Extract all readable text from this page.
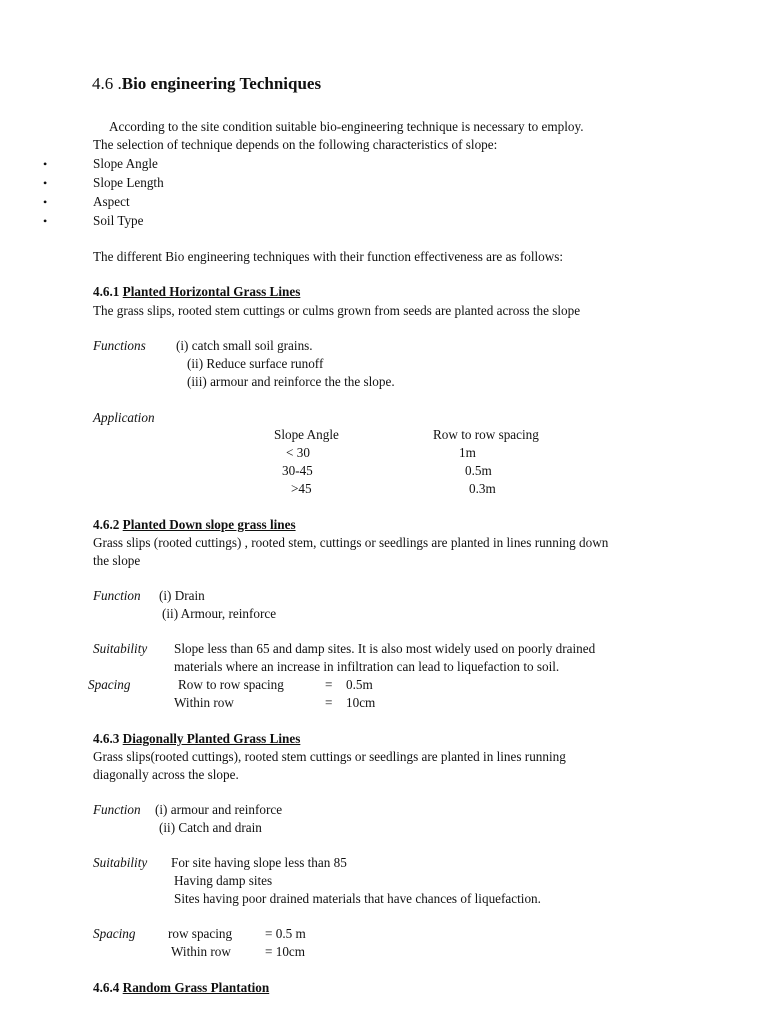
4.6 .Bio engineering Techniques
According to the site condition suitable bio-engineering technique is necessary to employ.
The selection of technique depends on the following characteristics of slope:
•	Slope Angle
•	Slope Length
•	Aspect
•	Soil Type
The different Bio engineering techniques with their function effectiveness are as follows:
4.6.1 Planted Horizontal Grass Lines
The grass slips, rooted stem cuttings or culms grown from seeds are planted across the slope
Functions (i) catch small soil grains.
(ii) Reduce surface runoff
(iii) armour and reinforce the the slope.
Application
Slope Angle	Row to row spacing
< 30	1m
30-45	0.5m
>45	0.3m
4.6.2 Planted Down slope grass lines
Grass slips (rooted cuttings) , rooted stem, cuttings or seedlings are planted in lines running down
the slope
Function (i) Drain
(ii) Armour, reinforce
Suitability Slope less than 65 and damp sites. It is also most widely used on poorly drained
materials where an increase in infiltration can lead to liquefaction to soil.
Spacing	Row to row spacing	= 0.5m
Within row	= 10cm
4.6.3 Diagonally Planted Grass Lines
Grass slips(rooted cuttings), rooted stem cuttings or seedlings are planted in lines running
diagonally across the slope.
Function (i) armour and reinforce
(ii) Catch and drain
Suitability For site having slope less than 85
Having damp sites
Sites having poor drained materials that have chances of liquefaction.
Spacing row spacing = 0.5 m
Within row	= 10cm
4.6.4 Random Grass Plantation
